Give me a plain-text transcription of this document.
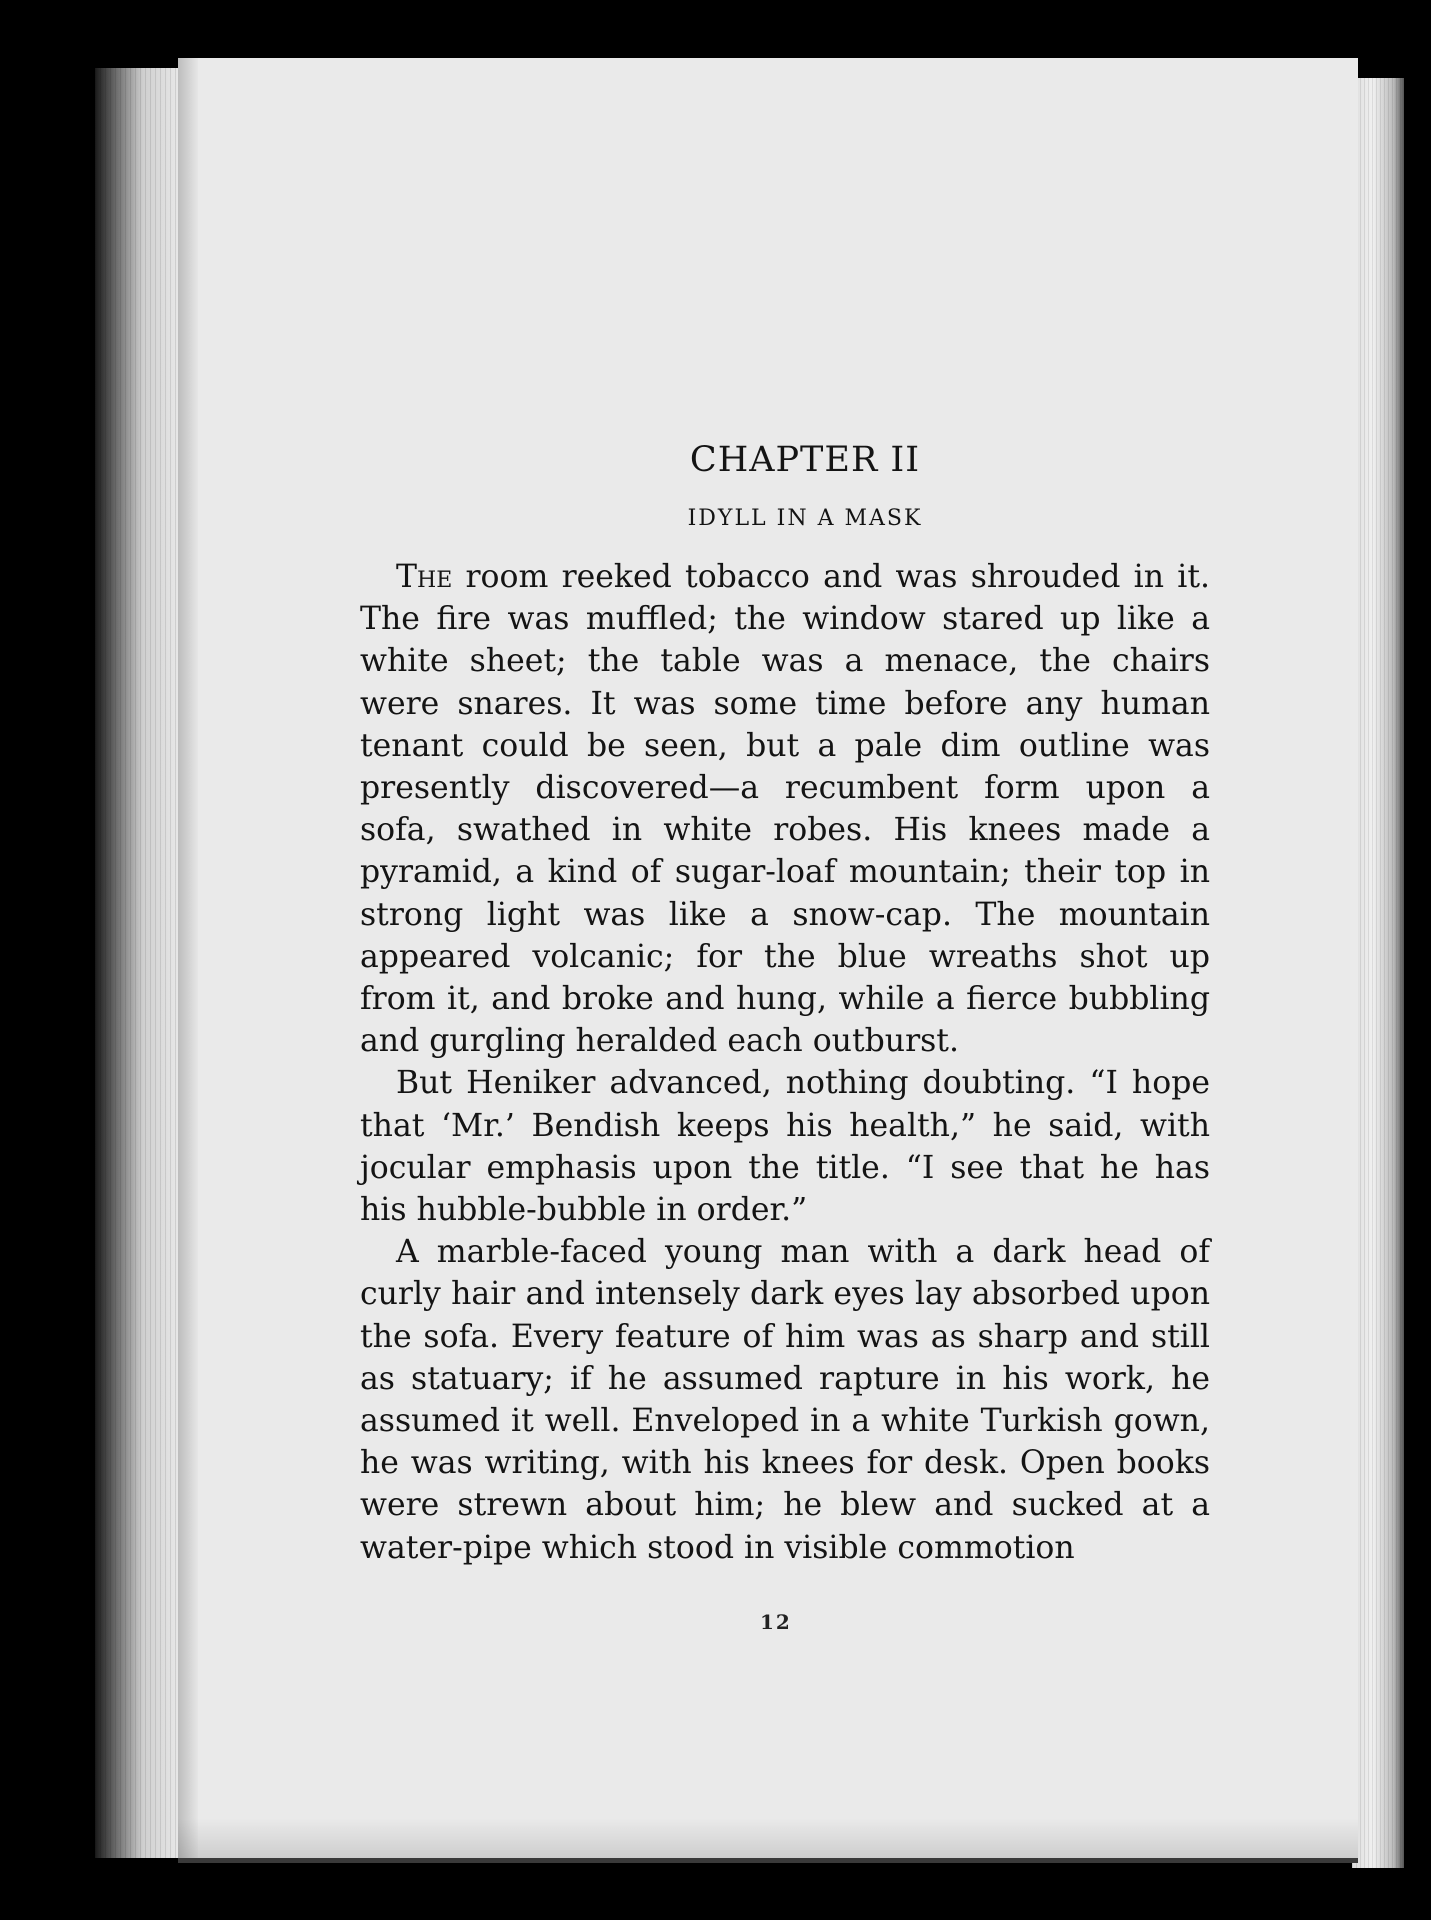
CHAPTER II
IDYLL IN A MASK

The room reeked tobacco and was shrouded in it. The fire was muffled; the window stared up like a white sheet; the table was a menace, the chairs were snares. It was some time before any human tenant could be seen, but a pale dim outline was presently discovered—a recumbent form upon a sofa, swathed in white robes. His knees made a pyramid, a kind of sugar-loaf mountain; their top in strong light was like a snow-cap. The mountain appeared volcanic; for the blue wreaths shot up from it, and broke and hung, while a fierce bubbling and gurgling heralded each outburst.

But Heniker advanced, nothing doubting. “I hope that ‘Mr.’ Bendish keeps his health,” he said, with jocular emphasis upon the title. “I see that he has his hubble-bubble in order.”

A marble-faced young man with a dark head of curly hair and intensely dark eyes lay absorbed upon the sofa. Every feature of him was as sharp and still as statuary; if he assumed rapture in his work, he assumed it well. Enveloped in a white Turkish gown, he was writing, with his knees for desk. Open books were strewn about him; he blew and sucked at a water-pipe which stood in visible commotion

12
